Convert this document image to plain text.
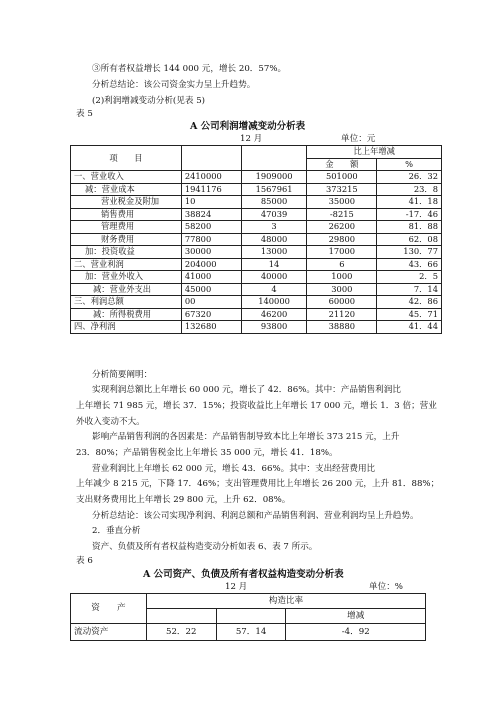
③所有者权益增长 144 000 元，增长 20．57%。
分析总结论：该公司资金实力呈上升趋势。
(2)利润增减变动分析(见表 5)
表 5
A 公司利润增减变动分析表
12 月	单位：元
项　　目			比上年增减	
			金　　额	%
一、营业收入	2410000	1909000	501000	26．32
减：营业成本	1941176	1567961	373215	23．8
营业税金及附加	10	85000	35000	41．18
销售费用	38824	47039	-8215	-17．46
管理费用	58200	3	26200	81．88
财务费用	77800	48000	29800	62．08
加：投资收益	30000	13000	17000	130．77
二、营业利润	204000	14	6	43．66
加：营业外收入	41000	40000	1000	2．5
减：营业外支出	45000	4	3000	7．14
三、利润总额	00	140000	60000	42．86
减：所得税费用	67320	46200	21120	45．71
四、净利润	132680	93800	38880	41．44
分析简要阐明：
实现利润总额比上年增长 60 000 元，增长了 42．86%。其中：产品销售利润比
上年增长 71 985 元，增长 37．15%；投资收益比上年增长 17 000 元，增长 1．3 倍；营业
外收入变动不大。
影响产品销售利润的各因素是：产品销售制导致本比上年增长 373 215 元，上升
23．80%；产品销售税金比上年增长 35 000 元，增长 41．18%。
营业利润比上年增长 62 000 元，增长 43．66%。其中：支出经营费用比
上年减少 8 215 元，下降 17．46%；支出管理费用比上年增长 26 200 元，上升 81．88%；
支出财务费用比上年增长 29 800 元，上升 62．08%。
分析总结论：该公司实现净利润、利润总额和产品销售利润、营业利润均呈上升趋势。
2．垂直分析
资产、负债及所有者权益构造变动分析如表 6、表 7 所示。
表 6
A 公司资产、负债及所有者权益构造变动分析表
12 月	单位：%
资　　产	构造比率		
			增减
流动资产	52．22	57．14	-4．92
